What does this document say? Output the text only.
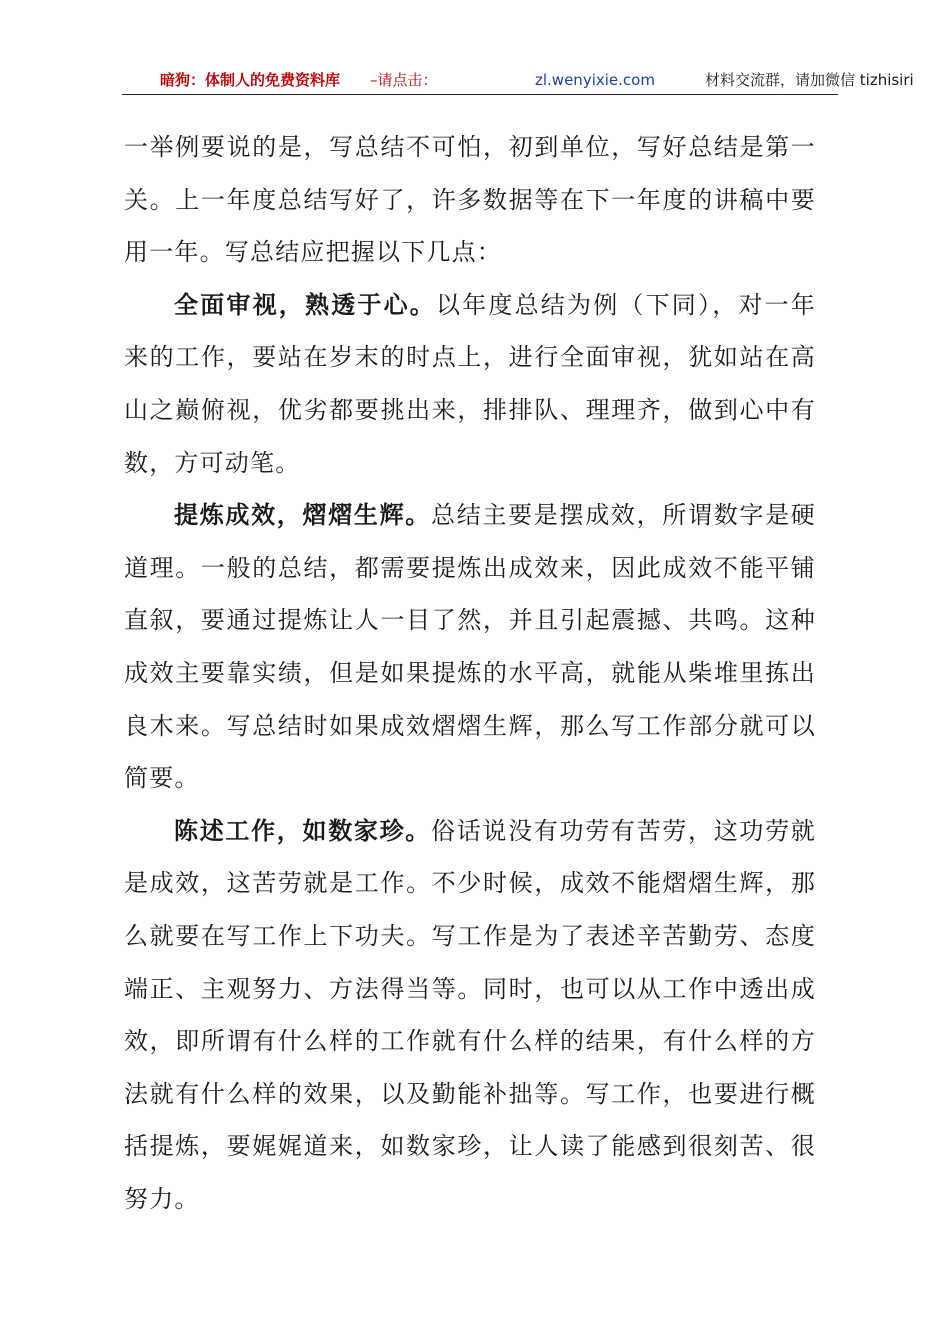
暗狗：体制人的免费资料库 –请点击：	zl.wenyixie.com	材料交流群，请加微信 tizhisiri

一举例要说的是，写总结不可怕，初到单位，写好总结是第一关。上一年度总结写好了，许多数据等在下一年度的讲稿中要用一年。写总结应把握以下几点：

全面审视，熟透于心。以年度总结为例（下同），对一年来的工作，要站在岁末的时点上，进行全面审视，犹如站在高山之巅俯视，优劣都要挑出来，排排队、理理齐，做到心中有数，方可动笔。

提炼成效，熠熠生辉。总结主要是摆成效，所谓数字是硬道理。一般的总结，都需要提炼出成效来，因此成效不能平铺直叙，要通过提炼让人一目了然，并且引起震撼、共鸣。这种成效主要靠实绩，但是如果提炼的水平高，就能从柴堆里拣出良木来。写总结时如果成效熠熠生辉，那么写工作部分就可以简要。

陈述工作，如数家珍。俗话说没有功劳有苦劳，这功劳就是成效，这苦劳就是工作。不少时候，成效不能熠熠生辉，那么就要在写工作上下功夫。写工作是为了表述辛苦勤劳、态度端正、主观努力、方法得当等。同时，也可以从工作中透出成效，即所谓有什么样的工作就有什么样的结果，有什么样的方法就有什么样的效果，以及勤能补拙等。写工作，也要进行概括提炼，要娓娓道来，如数家珍，让人读了能感到很刻苦、很努力。
